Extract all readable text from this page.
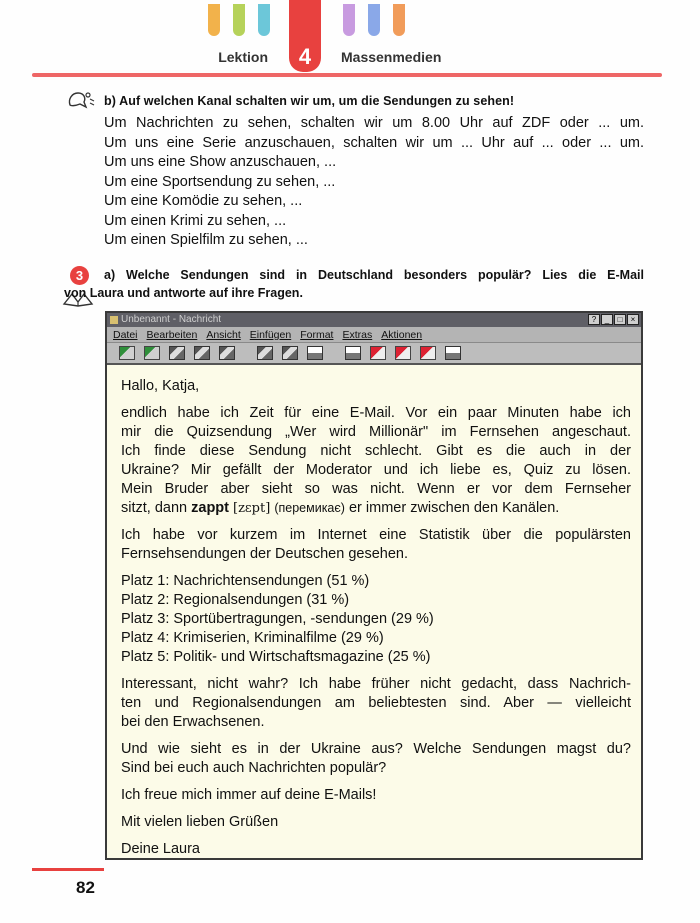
4
Lektion	Massenmedien
b) Auf welchen Kanal schalten wir um, um die Sendungen zu sehen!
Um Nachrichten zu sehen, schalten wir um 8.00 Uhr auf ZDF oder ... um.
Um uns eine Serie anzuschauen, schalten wir um ... Uhr auf ... oder ... um.
Um uns eine Show anzuschauen, ...
Um eine Sportsendung zu sehen, ...
Um eine Komödie zu sehen, ...
Um einen Krimi zu sehen, ...
Um einen Spielfilm zu sehen, ...
3	a) Welche Sendungen sind in Deutschland besonders populär? Lies die E-Mail
von Laura und antworte auf ihre Fragen.
Unbenannt - Nachricht	?	_	□	×
Datei Bearbeiten Ansicht Einfügen Format Extras Aktionen
Hallo, Katja,
endlich habe ich Zeit für eine E-Mail. Vor ein paar Minuten habe ich
mir die Quizsendung „Wer wird Millionär" im Fernsehen angeschaut.
Ich finde diese Sendung nicht schlecht. Gibt es die auch in der
Ukraine? Mir gefällt der Moderator und ich liebe es, Quiz zu lösen.
Mein Bruder aber sieht so was nicht. Wenn er vor dem Fernseher
sitzt, dann zappt [zɛpt] (перемикає) er immer zwischen den Kanälen.
Ich habe vor kurzem im Internet eine Statistik über die populärsten
Fernsehsendungen der Deutschen gesehen.
Platz 1: Nachrichtensendungen (51 %)
Platz 2: Regionalsendungen (31 %)
Platz 3: Sportübertragungen, -sendungen (29 %)
Platz 4: Krimiserien, Kriminalfilme (29 %)
Platz 5: Politik- und Wirtschaftsmagazine (25 %)
Interessant, nicht wahr? Ich habe früher nicht gedacht, dass Nachrich-
ten und Regionalsendungen am beliebtesten sind. Aber — vielleicht
bei den Erwachsenen.
Und wie sieht es in der Ukraine aus? Welche Sendungen magst du?
Sind bei euch auch Nachrichten populär?
Ich freue mich immer auf deine E-Mails!
Mit vielen lieben Grüßen
Deine Laura
82
